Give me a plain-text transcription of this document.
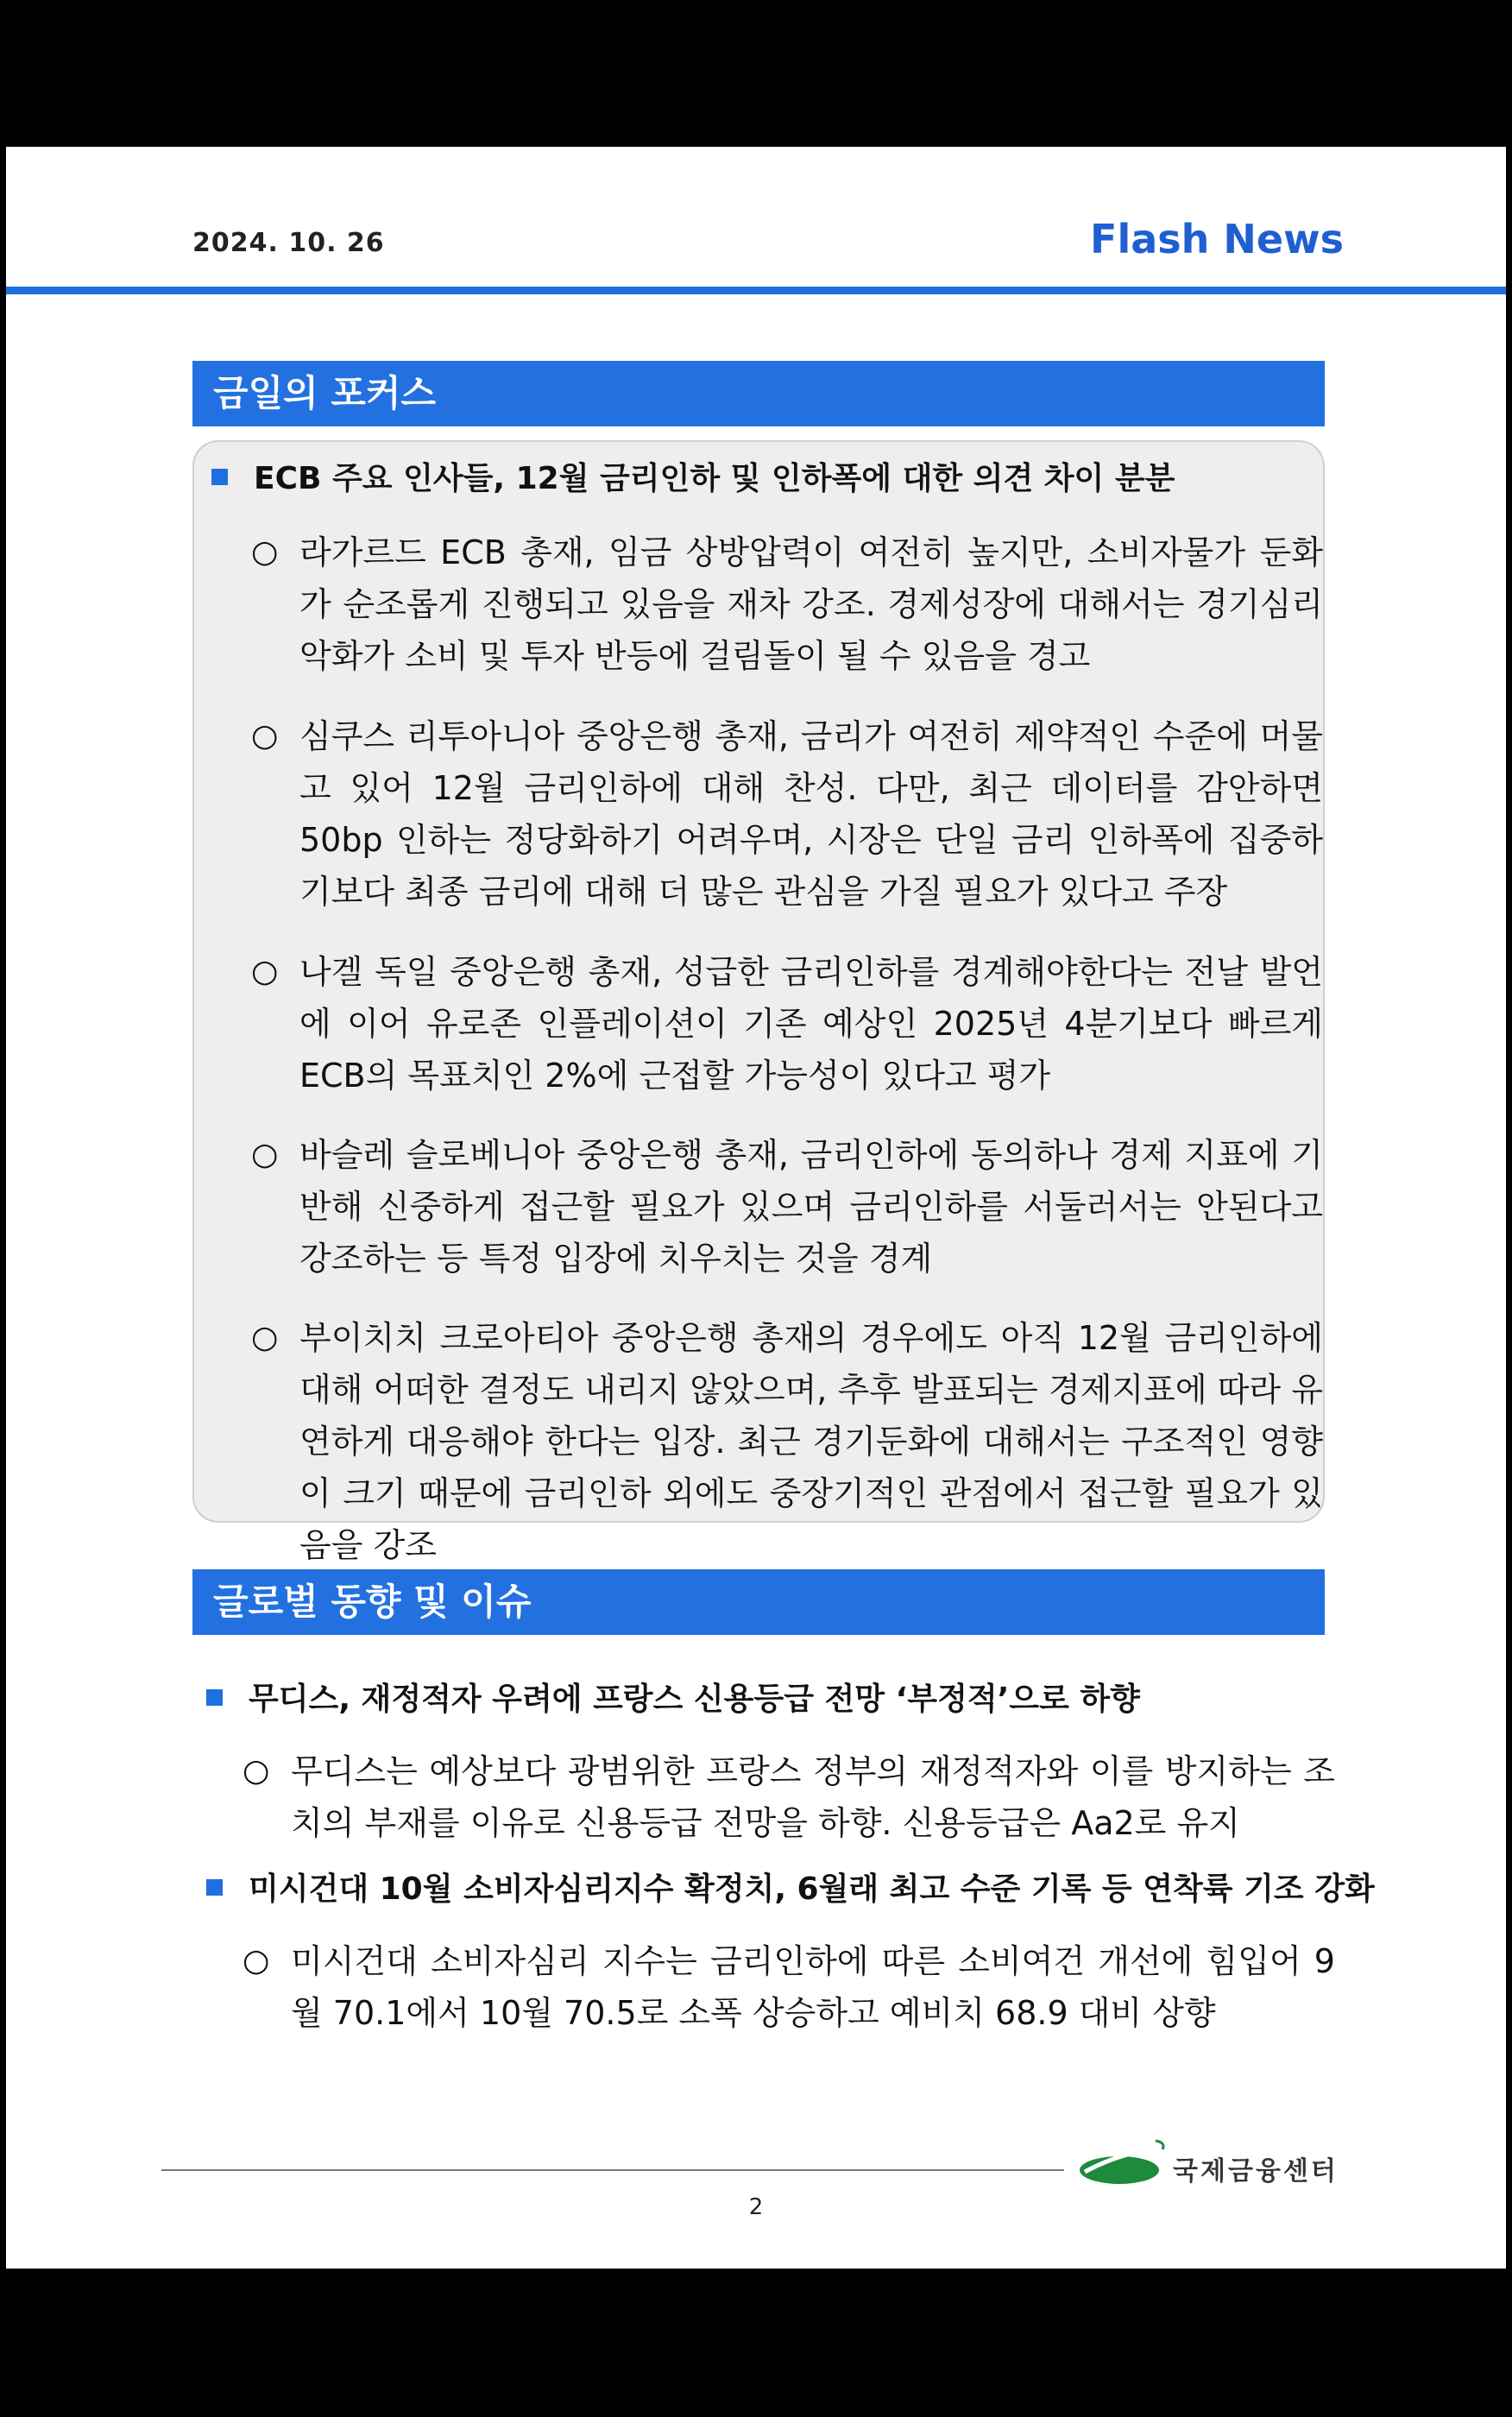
2024. 10. 26	Flash News
금일의 포커스
ECB 주요 인사들, 12월 금리인하 및 인하폭에 대한 의견 차이 분분
○ 라가르드 ECB 총재, 임금 상방압력이 여전히 높지만, 소비자물가 둔화가 순조롭게 진행되고 있음을 재차 강조. 경제성장에 대해서는 경기심리 악화가 소비 및 투자 반등에 걸림돌이 될 수 있음을 경고
○ 심쿠스 리투아니아 중앙은행 총재, 금리가 여전히 제약적인 수준에 머물고 있어 12월 금리인하에 대해 찬성. 다만, 최근 데이터를 감안하면 50bp 인하는 정당화하기 어려우며, 시장은 단일 금리 인하폭에 집중하기보다 최종 금리에 대해 더 많은 관심을 가질 필요가 있다고 주장
○ 나겔 독일 중앙은행 총재, 성급한 금리인하를 경계해야한다는 전날 발언에 이어 유로존 인플레이션이 기존 예상인 2025년 4분기보다 빠르게 ECB의 목표치인 2%에 근접할 가능성이 있다고 평가
○ 바슬레 슬로베니아 중앙은행 총재, 금리인하에 동의하나 경제 지표에 기반해 신중하게 접근할 필요가 있으며 금리인하를 서둘러서는 안된다고 강조하는 등 특정 입장에 치우치는 것을 경계
○ 부이치치 크로아티아 중앙은행 총재의 경우에도 아직 12월 금리인하에 대해 어떠한 결정도 내리지 않았으며, 추후 발표되는 경제지표에 따라 유연하게 대응해야 한다는 입장. 최근 경기둔화에 대해서는 구조적인 영향이 크기 때문에 금리인하 외에도 중장기적인 관점에서 접근할 필요가 있음을 강조
글로벌 동향 및 이슈
무디스, 재정적자 우려에 프랑스 신용등급 전망 ‘부정적’으로 하향
○ 무디스는 예상보다 광범위한 프랑스 정부의 재정적자와 이를 방지하는 조치의 부재를 이유로 신용등급 전망을 하향. 신용등급은 Aa2로 유지
미시건대 10월 소비자심리지수 확정치, 6월래 최고 수준 기록 등 연착륙 기조 강화
○ 미시건대 소비자심리 지수는 금리인하에 따른 소비여건 개선에 힘입어 9월 70.1에서 10월 70.5로 소폭 상승하고 예비치 68.9 대비 상향
국제금융센터
2
